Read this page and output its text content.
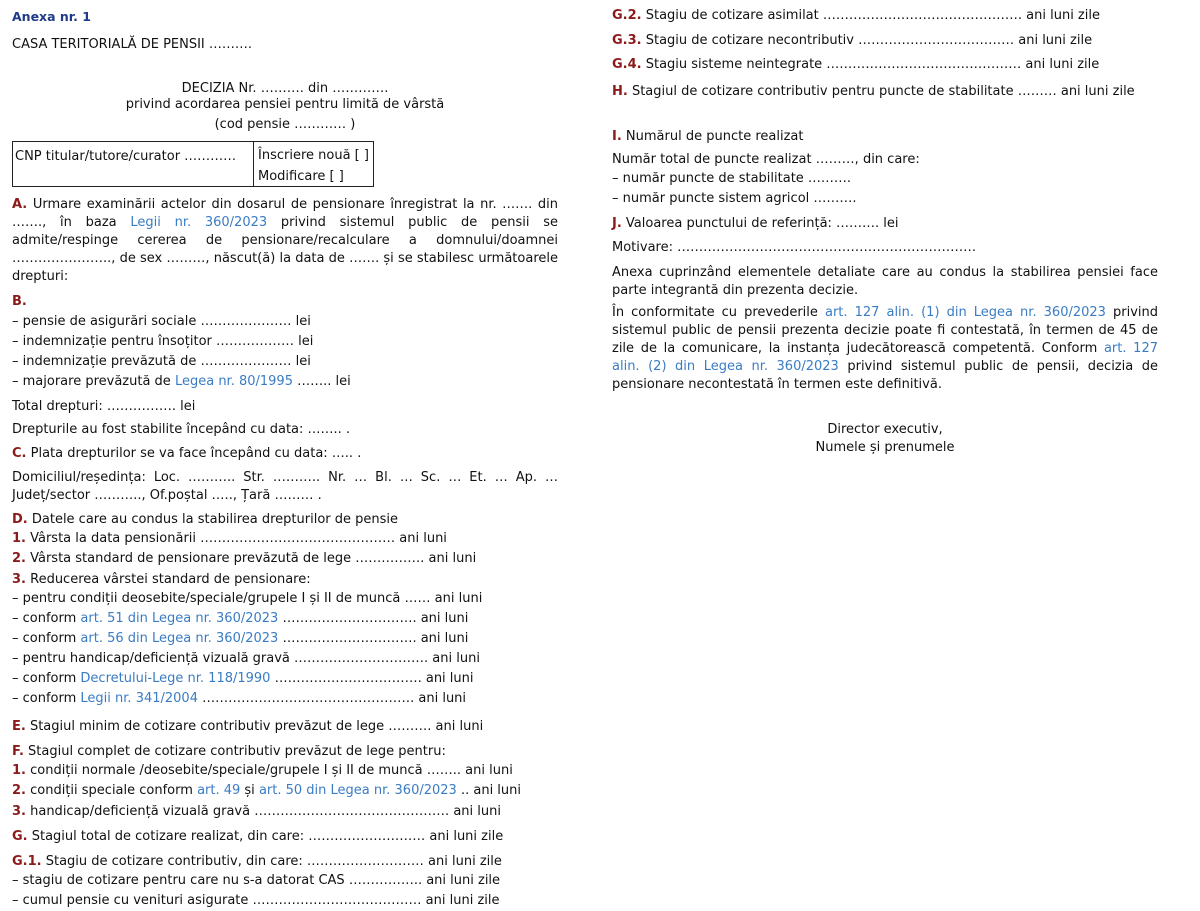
Anexa nr. 1
CASA TERITORIALĂ DE PENSII ……….
DECIZIA Nr. ………. din ………….
privind acordarea pensiei pentru limită de vârstă
(cod pensie ………… )
CNP titular/tutore/curator …………	Înscriere nouă [ ]
Modificare [ ]
A. Urmare examinării actelor din dosarul de pensionare înregistrat la nr. ……. din ……., în baza Legii nr. 360/2023 privind sistemul public de pensii se admite/respinge cererea de pensionare/recalculare a domnului/doamnei ………………….., de sex ………, născut(ă) la data de ……. și se stabilesc următoarele drepturi:
B.
– pensie de asigurări sociale ………………… lei
– indemnizație pentru însoțitor ……………… lei
– indemnizație prevăzută de ………………… lei
– majorare prevăzută de Legea nr. 80/1995 …….. lei
Total drepturi: ……………. lei
Drepturile au fost stabilite începând cu data: …….. .
C. Plata drepturilor se va face începând cu data: ….. .
Domiciliul/reședința: Loc. ……….. Str. ……….. Nr. … Bl. … Sc. … Et. … Ap. … Județ/sector ……….., Of.poștal ….., Țară ……… .
D. Datele care au condus la stabilirea drepturilor de pensie
1. Vârsta la data pensionării ……………………………………… ani luni
2. Vârsta standard de pensionare prevăzută de lege ……………. ani luni
3. Reducerea vârstei standard de pensionare:
– pentru condiții deosebite/speciale/grupele I și II de muncă …… ani luni
– conform art. 51 din Legea nr. 360/2023 …………………………. ani luni
– conform art. 56 din Legea nr. 360/2023 …………………………. ani luni
– pentru handicap/deficiență vizuală gravă …………………………. ani luni
– conform Decretului-Lege nr. 118/1990 ……………………………. ani luni
– conform Legii nr. 341/2004 …………………………………………. ani luni
E. Stagiul minim de cotizare contributiv prevăzut de lege ………. ani luni
F. Stagiul complet de cotizare contributiv prevăzut de lege pentru:
1. condiții normale /deosebite/speciale/grupele I și II de muncă …….. ani luni
2. condiții speciale conform art. 49 și art. 50 din Legea nr. 360/2023 .. ani luni
3. handicap/deficiență vizuală gravă ……………………………………… ani luni
G. Stagiul total de cotizare realizat, din care: ……………………… ani luni zile
G.1. Stagiu de cotizare contributiv, din care: ……………………… ani luni zile
– stagiu de cotizare pentru care nu s-a datorat CAS …………….. ani luni zile
– cumul pensie cu venituri asigurate ………………………………… ani luni zile
G.2. Stagiu de cotizare asimilat ………………………………………. ani luni zile
G.3. Stagiu de cotizare necontributiv ……………………………… ani luni zile
G.4. Stagiu sisteme neintegrate ……………………………………… ani luni zile
H. Stagiul de cotizare contributiv pentru puncte de stabilitate ……… ani luni zile
I. Numărul de puncte realizat
Număr total de puncte realizat ………, din care:
– număr puncte de stabilitate ……….
– număr puncte sistem agricol ……….
J. Valoarea punctului de referință: ………. lei
Motivare: ……………………………………………………………
Anexa cuprinzând elementele detaliate care au condus la stabilirea pensiei face parte integrantă din prezenta decizie.
În conformitate cu prevederile art. 127 alin. (1) din Legea nr. 360/2023 privind sistemul public de pensii prezenta decizie poate fi contestată, în termen de 45 de zile de la comunicare, la instanța judecătorească competentă. Conform art. 127 alin. (2) din Legea nr. 360/2023 privind sistemul public de pensii, decizia de pensionare necontestată în termen este definitivă.
Director executiv,
Numele și prenumele
